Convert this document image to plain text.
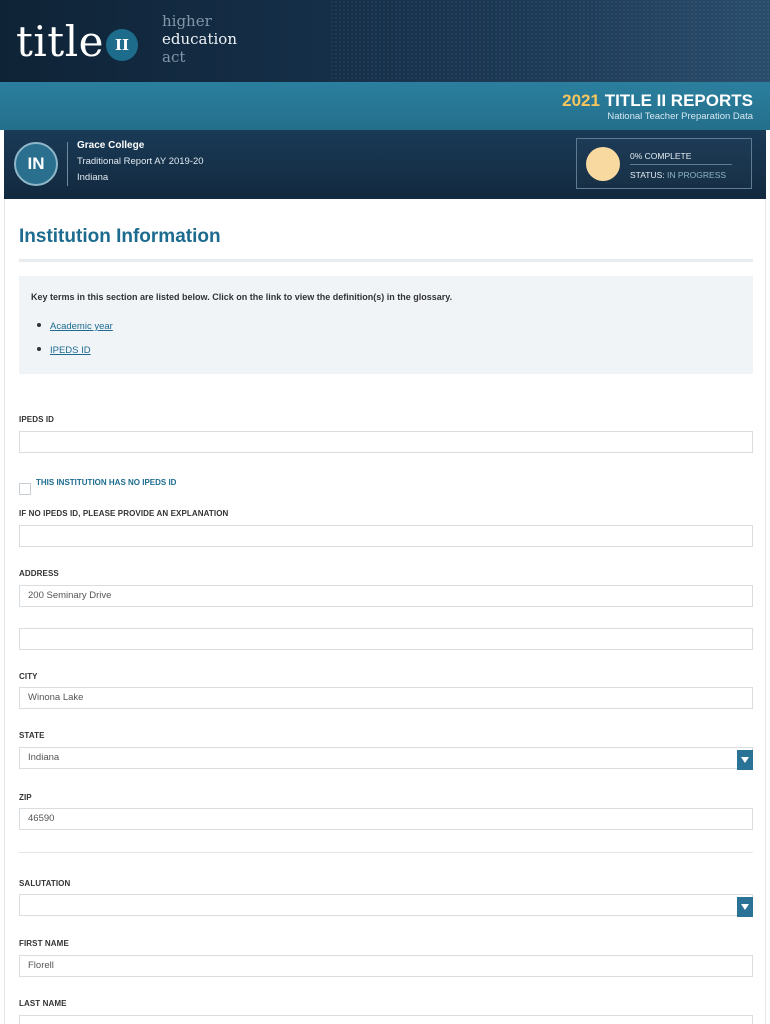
title II
higher
education
act
2021 TITLE II REPORTS
National Teacher Preparation Data
IN
Grace College
Traditional Report AY 2019-20
Indiana
0% COMPLETE
STATUS: IN PROGRESS
Institution Information
Key terms in this section are listed below. Click on the link to view the definition(s) in the glossary.
Academic year
IPEDS ID
IPEDS ID
THIS INSTITUTION HAS NO IPEDS ID
IF NO IPEDS ID, PLEASE PROVIDE AN EXPLANATION
ADDRESS
200 Seminary Drive
CITY
Winona Lake
STATE
Indiana
ZIP
46590
SALUTATION
FIRST NAME
Florell
LAST NAME
